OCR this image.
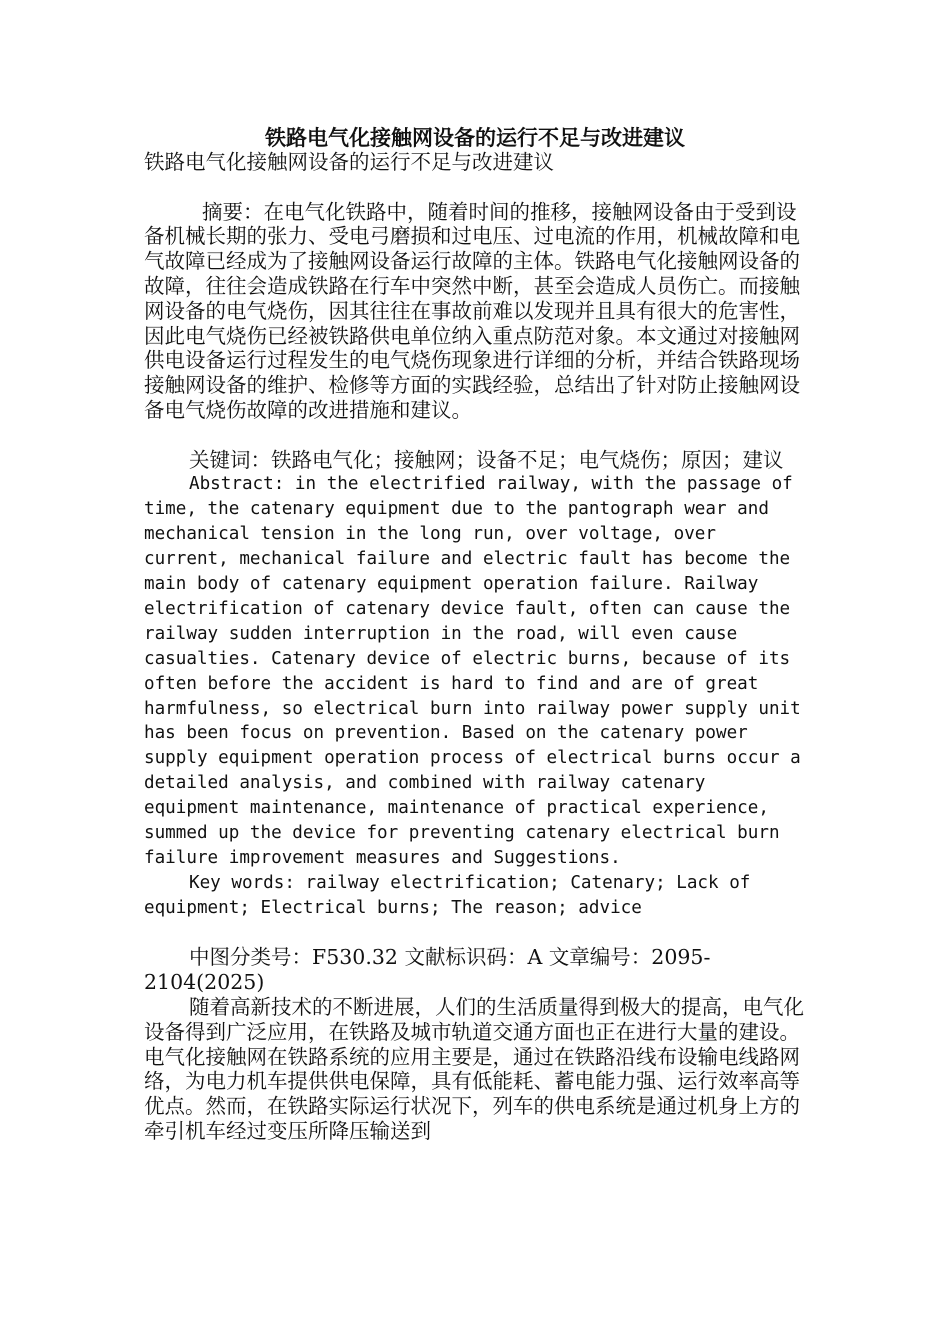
铁路电气化接触网设备的运行不足与改进建议

铁路电气化接触网设备的运行不足与改进建议

摘要：在电气化铁路中，随着时间的推移，接触网设备由于受到设备机械长期的张力、受电弓磨损和过电压、过电流的作用，机械故障和电气故障已经成为了接触网设备运行故障的主体。铁路电气化接触网设备的故障，往往会造成铁路在行车中突然中断，甚至会造成人员伤亡。而接触网设备的电气烧伤，因其往往在事故前难以发现并且具有很大的危害性，因此电气烧伤已经被铁路供电单位纳入重点防范对象。本文通过对接触网供电设备运行过程发生的电气烧伤现象进行详细的分析，并结合铁路现场接触网设备的维护、检修等方面的实践经验，总结出了针对防止接触网设备电气烧伤故障的改进措施和建议。

关键词：铁路电气化；接触网；设备不足；电气烧伤；原因；建议

Abstract: in the electrified railway, with the passage of time, the catenary equipment due to the pantograph wear and mechanical tension in the long run, over voltage, over current, mechanical failure and electric fault has become the main body of catenary equipment operation failure. Railway electrification of catenary device fault, often can cause the railway sudden interruption in the road, will even cause casualties. Catenary device of electric burns, because of its often before the accident is hard to find and are of great harmfulness, so electrical burn into railway power supply unit has been focus on prevention. Based on the catenary power supply equipment operation process of electrical burns occur a detailed analysis, and combined with railway catenary equipment maintenance, maintenance of practical experience, summed up the device for preventing catenary electrical burn failure improvement measures and Suggestions.

Key words: railway electrification; Catenary; Lack of equipment; Electrical burns; The reason; advice

中图分类号：F530.32 文献标识码：A 文章编号：2095-2104(2025)

随着高新技术的不断进展，人们的生活质量得到极大的提高，电气化设备得到广泛应用，在铁路及城市轨道交通方面也正在进行大量的建设。电气化接触网在铁路系统的应用主要是，通过在铁路沿线布设输电线路网络，为电力机车提供供电保障，具有低能耗、蓄电能力强、运行效率高等优点。然而，在铁路实际运行状况下，列车的供电系统是通过机身上方的牵引机车经过变压所降压输送到
